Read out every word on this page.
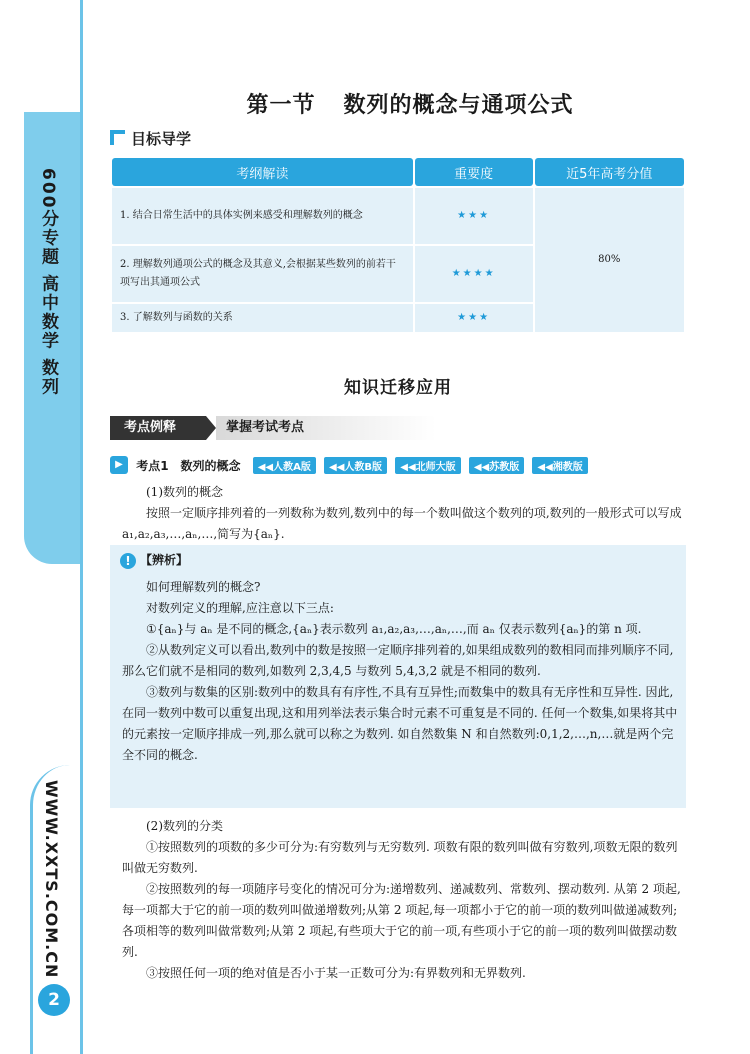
600分专题 高中数学 数列
WWW.XXTS.COM.CN
2
第一节 数列的概念与通项公式
目标导学
考纲解读	重要度	近5年高考分值
1. 结合日常生活中的具体实例来感受和理解数列的概念	★★★	80%
2. 理解数列通项公式的概念及其意义,会根据某些数列的前若干项写出其通项公式	★★★★	
3. 了解数列与函数的关系	★★★	
知识迁移应用
考点例释	掌握考试考点
▶ 考点1　数列的概念 ◀◀人教A版 ◀◀人教B版 ◀◀北师大版 ◀◀苏教版 ◀◀湘教版
(1)数列的概念
按照一定顺序排列着的一列数称为数列,数列中的每一个数叫做这个数列的项,数列的一般形式可以写成 a₁,a₂,a₃,…,aₙ,…,简写为{aₙ}.
! 【辨析】
如何理解数列的概念?
对数列定义的理解,应注意以下三点:
①{aₙ}与 aₙ 是不同的概念,{aₙ}表示数列 a₁,a₂,a₃,…,aₙ,…,而 aₙ 仅表示数列{aₙ}的第 n 项.
②从数列定义可以看出,数列中的数是按照一定顺序排列着的,如果组成数列的数相同而排列顺序不同,那么它们就不是相同的数列,如数列 2,3,4,5 与数列 5,4,3,2 就是不相同的数列.
③数列与数集的区别:数列中的数具有有序性,不具有互异性;而数集中的数具有无序性和互异性. 因此,在同一数列中数可以重复出现,这和用列举法表示集合时元素不可重复是不同的. 任何一个数集,如果将其中的元素按一定顺序排成一列,那么就可以称之为数列. 如自然数集 N 和自然数列:0,1,2,…,n,…就是两个完全不同的概念.
(2)数列的分类
①按照数列的项数的多少可分为:有穷数列与无穷数列. 项数有限的数列叫做有穷数列,项数无限的数列叫做无穷数列.
②按照数列的每一项随序号变化的情况可分为:递增数列、递减数列、常数列、摆动数列. 从第 2 项起,每一项都大于它的前一项的数列叫做递增数列;从第 2 项起,每一项都小于它的前一项的数列叫做递减数列;各项相等的数列叫做常数列;从第 2 项起,有些项大于它的前一项,有些项小于它的前一项的数列叫做摆动数列.
③按照任何一项的绝对值是否小于某一正数可分为:有界数列和无界数列.
